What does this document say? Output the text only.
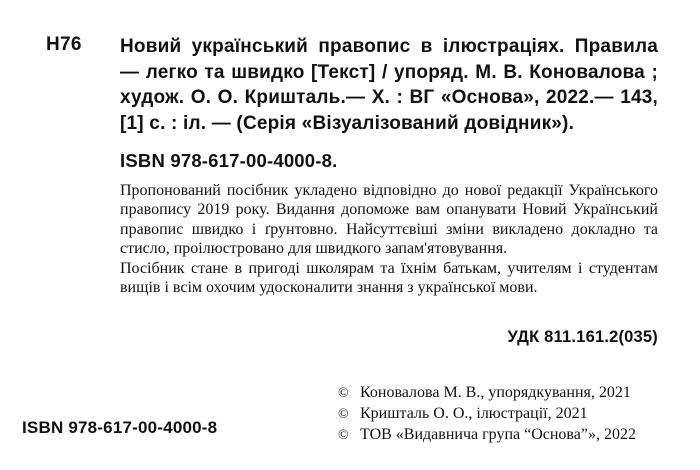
Н76 Новий український правопис в ілюстраціях. Правила — легко та швидко [Текст] / упоряд. М. В. Коновалова ; худож. О. О. Кришталь.— Х. : ВГ «Основа», 2022.— 143, [1] с. : іл. — (Серія «Візуалізований довідник»).
ISBN 978-617-00-4000-8.

Пропонований посібник укладено відповідно до нової редакції Українського правопису 2019 року. Видання допоможе вам опанувати Новий Український правопис швидко і ґрунтовно. Найсуттєвіші зміни викладено докладно та стисло, проілюстровано для швидкого запам'ятовування.

Посібник стане в пригоді школярам та їхнім батькам, учителям і студентам вищів і всім охочим удосконалити знання з української мови.

УДК 811.161.2(035)
© Коновалова М. В., упорядкування, 2021
© Кришталь О. О., ілюстрації, 2021
© ТОВ «Видавнича група “Основа”», 2022
ISBN 978-617-00-4000-8
